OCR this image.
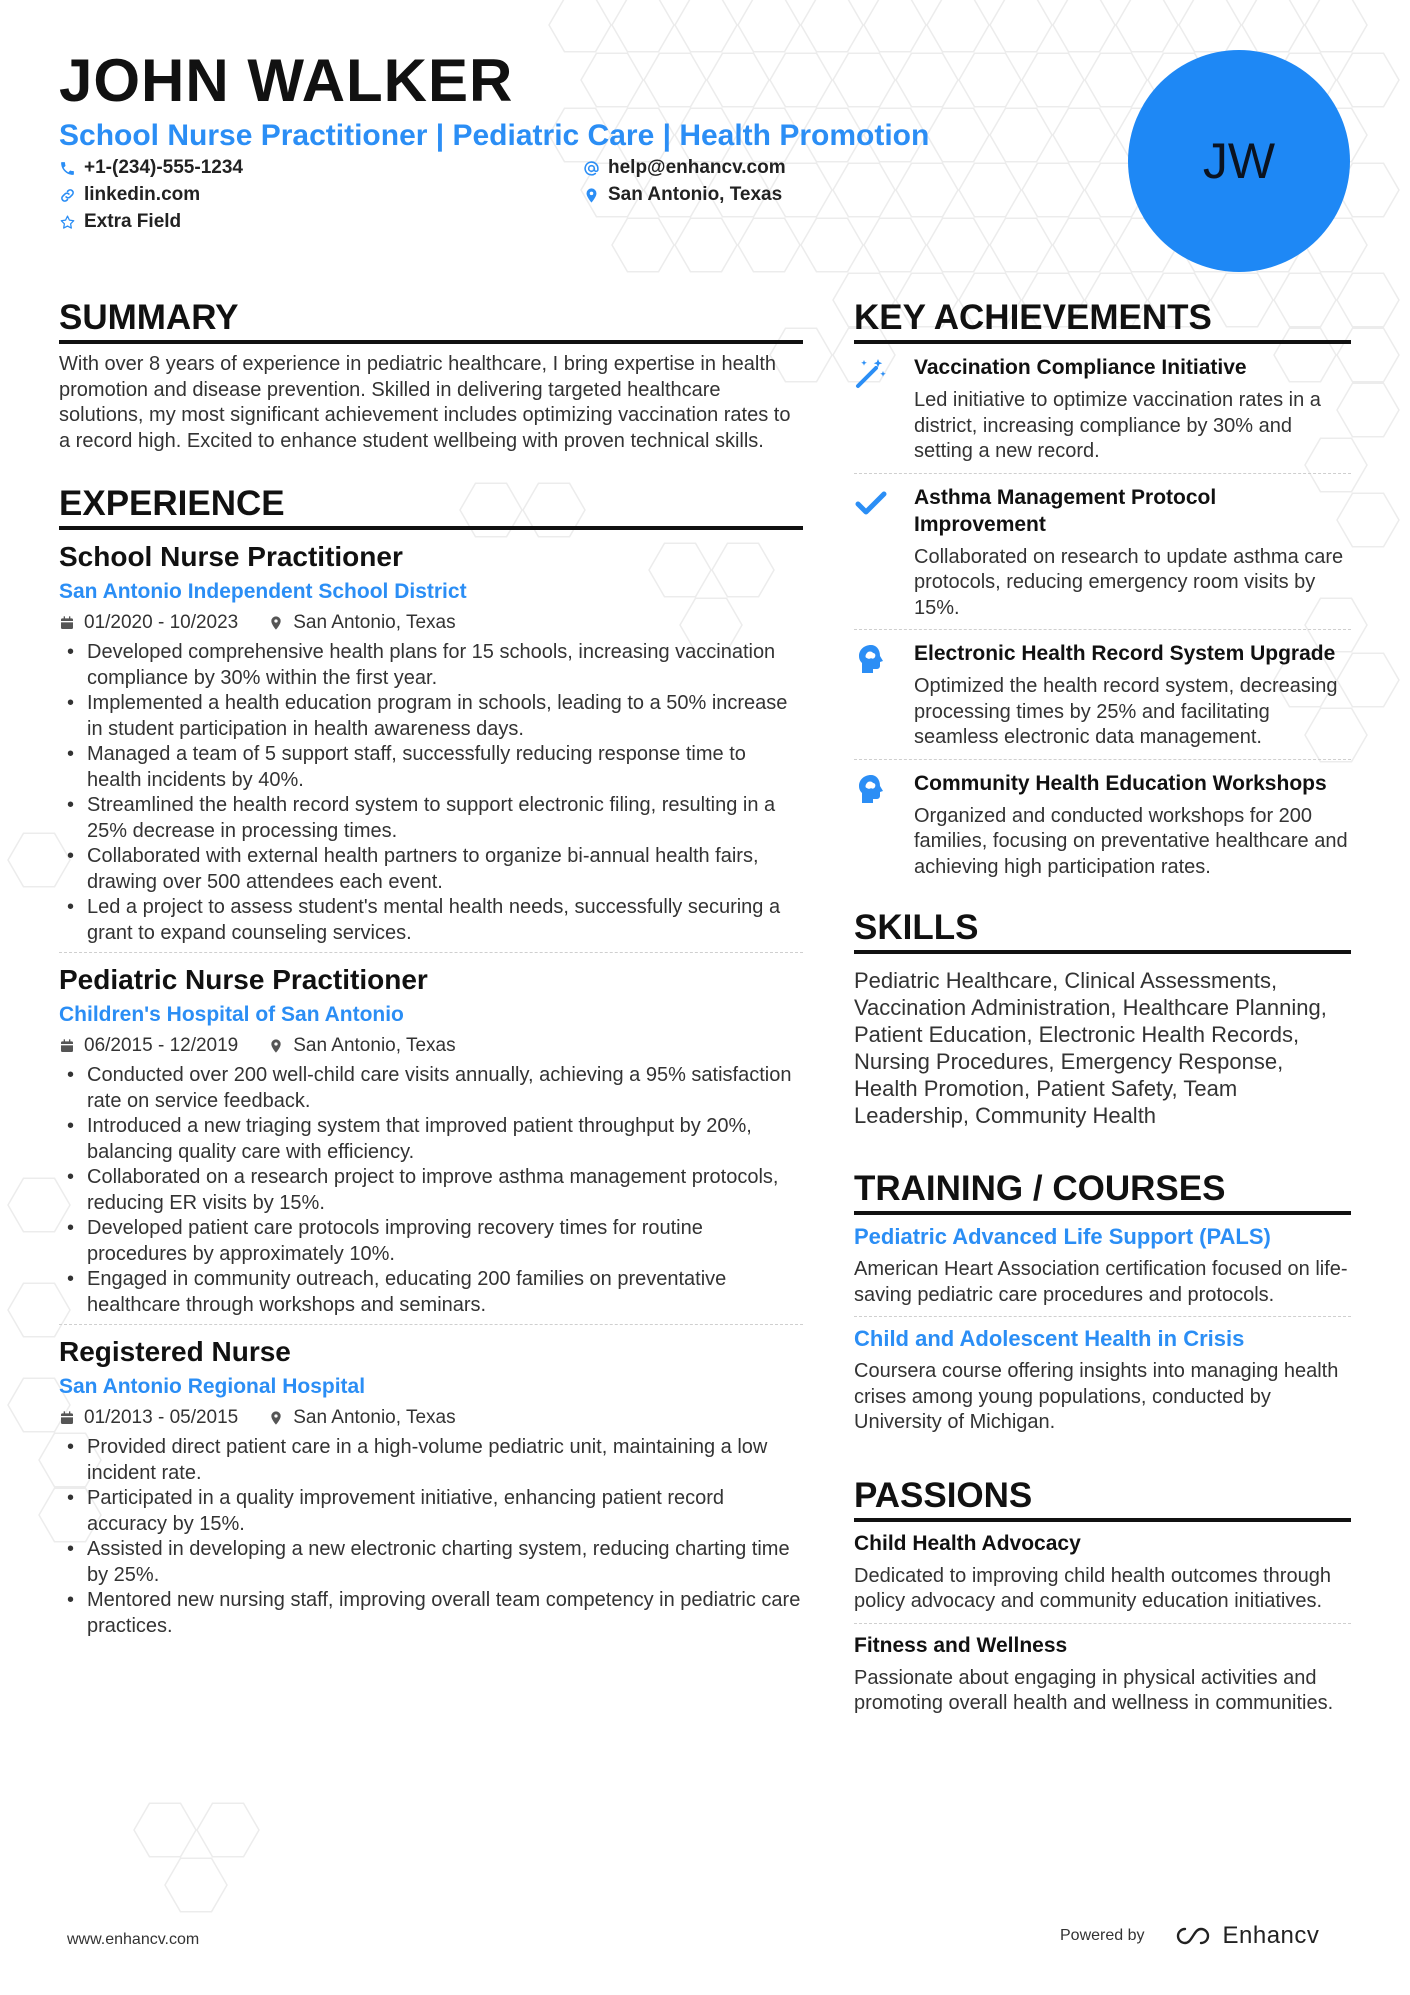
JOHN WALKER
School Nurse Practitioner | Pediatric Care | Health Promotion
+1-(234)-555-1234	help@enhancv.com
linkedin.com	San Antonio, Texas
Extra Field
JW
SUMMARY
With over 8 years of experience in pediatric healthcare, I bring expertise in health promotion and disease prevention. Skilled in delivering targeted healthcare solutions, my most significant achievement includes optimizing vaccination rates to a record high. Excited to enhance student wellbeing with proven technical skills.
EXPERIENCE
School Nurse Practitioner
San Antonio Independent School District
01/2020 - 10/2023	San Antonio, Texas
• Developed comprehensive health plans for 15 schools, increasing vaccination compliance by 30% within the first year.
• Implemented a health education program in schools, leading to a 50% increase in student participation in health awareness days.
• Managed a team of 5 support staff, successfully reducing response time to health incidents by 40%.
• Streamlined the health record system to support electronic filing, resulting in a 25% decrease in processing times.
• Collaborated with external health partners to organize bi-annual health fairs, drawing over 500 attendees each event.
• Led a project to assess student's mental health needs, successfully securing a grant to expand counseling services.
Pediatric Nurse Practitioner
Children's Hospital of San Antonio
06/2015 - 12/2019	San Antonio, Texas
• Conducted over 200 well-child care visits annually, achieving a 95% satisfaction rate on service feedback.
• Introduced a new triaging system that improved patient throughput by 20%, balancing quality care with efficiency.
• Collaborated on a research project to improve asthma management protocols, reducing ER visits by 15%.
• Developed patient care protocols improving recovery times for routine procedures by approximately 10%.
• Engaged in community outreach, educating 200 families on preventative healthcare through workshops and seminars.
Registered Nurse
San Antonio Regional Hospital
01/2013 - 05/2015	San Antonio, Texas
• Provided direct patient care in a high-volume pediatric unit, maintaining a low incident rate.
• Participated in a quality improvement initiative, enhancing patient record accuracy by 15%.
• Assisted in developing a new electronic charting system, reducing charting time by 25%.
• Mentored new nursing staff, improving overall team competency in pediatric care practices.
KEY ACHIEVEMENTS
Vaccination Compliance Initiative
Led initiative to optimize vaccination rates in a district, increasing compliance by 30% and setting a new record.
Asthma Management Protocol Improvement
Collaborated on research to update asthma care protocols, reducing emergency room visits by 15%.
Electronic Health Record System Upgrade
Optimized the health record system, decreasing processing times by 25% and facilitating seamless electronic data management.
Community Health Education Workshops
Organized and conducted workshops for 200 families, focusing on preventative healthcare and achieving high participation rates.
SKILLS
Pediatric Healthcare, Clinical Assessments, Vaccination Administration, Healthcare Planning, Patient Education, Electronic Health Records, Nursing Procedures, Emergency Response, Health Promotion, Patient Safety, Team Leadership, Community Health
TRAINING / COURSES
Pediatric Advanced Life Support (PALS)
American Heart Association certification focused on life-saving pediatric care procedures and protocols.
Child and Adolescent Health in Crisis
Coursera course offering insights into managing health crises among young populations, conducted by University of Michigan.
PASSIONS
Child Health Advocacy
Dedicated to improving child health outcomes through policy advocacy and community education initiatives.
Fitness and Wellness
Passionate about engaging in physical activities and promoting overall health and wellness in communities.
www.enhancv.com	Powered by	Enhancv
